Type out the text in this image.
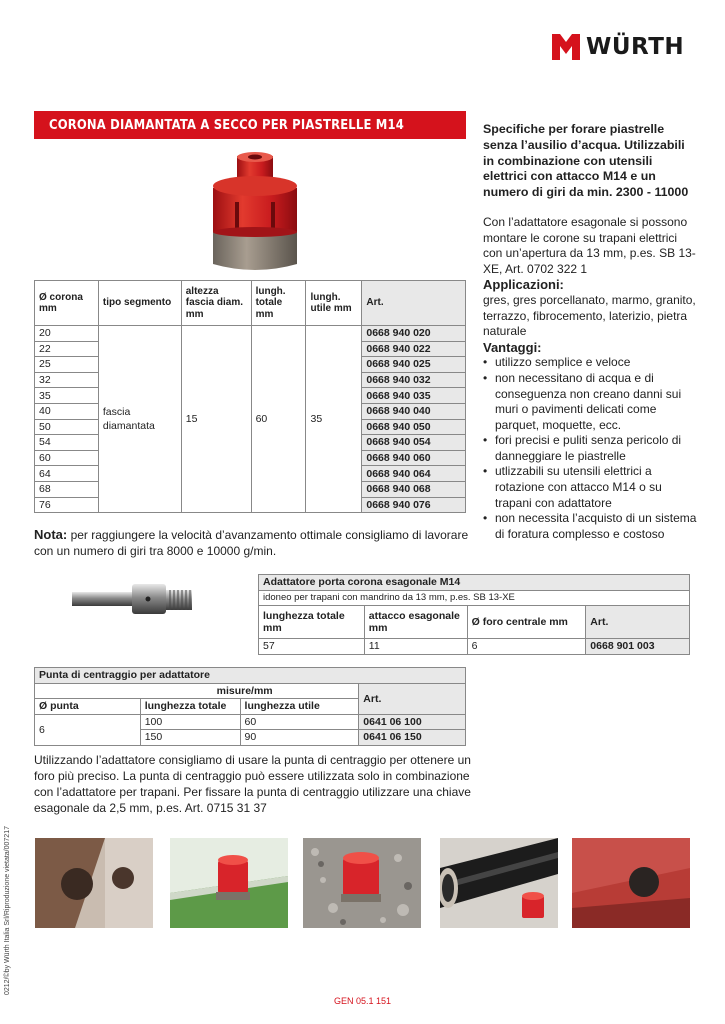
WÜRTH
CORONA DIAMANTATA A SECCO PER PIASTRELLE M14	Specifiche per forare piastrelle senza l’ausilio d’acqua. Utilizzabili in combinazione con utensili elettrici con attacco M14 e un numero di giri da min. 2300 - 11000

Con l’adattatore esagonale si possono montare le corone su trapani elettrici con un’apertura da 13 mm, p.es. SB 13-XE, Art. 0702 322 1

Applicazioni:

gres, gres porcellanato, marmo, granito, terrazzo, fibrocemento, laterizio, pietra naturale

Vantaggi:

• utilizzo semplice e veloce
• non necessitano di acqua e di conseguenza non creano danni sui muri o pavimenti delicati come parquet, moquette, ecc.
• fori precisi e puliti senza pericolo di danneggiare le piastrelle
• utlizzabili su utensili elettrici a rotazione con attacco M14 o su trapani con adattatore
• non necessita l’acquisto di un sistema di foratura complesso e costoso
Ø corona mm	tipo segmento	altezza fascia diam. mm	lungh. totale mm	lungh. utile mm	Art.
20	fascia diamantata	15	60	35	0668 940 020
22					0668 940 022
25					0668 940 025
32					0668 940 032
35					0668 940 035
40					0668 940 040
50					0668 940 050
54					0668 940 054
60					0668 940 060
64					0668 940 064
68					0668 940 068
76					0668 940 076

Nota: per raggiungere la velocità d’avanzamento ottimale consigliamo di lavorare con un numero di giri tra 8000 e 10000 g/min.

Adattatore porta corona esagonale M14			
idoneo per trapani con mandrino da 13 mm, p.es. SB 13-XE			
lunghezza totale mm	attacco esagonale mm	Ø foro centrale mm	Art.
57	11	6	0668 901 003
Punta di centraggio per adattatore			
misure/mm			Art.
Ø punta	lunghezza totale	lunghezza utile	
6	100	60	0641 06 100
	150	90	0641 06 150

Utilizzando l’adattatore consigliamo di usare la punta di centraggio per ottenere un foro più preciso. La punta di centraggio può essere utilizzata solo in combinazione con l’adattatore per trapani. Per fissare la punta di centraggio utilizzare una chiave esagonale da 2,5 mm, p.es. Art. 0715 31 37

0212/©by Würth Italia Srl/Riproduzione vietata/007217
GEN 05.1 151
